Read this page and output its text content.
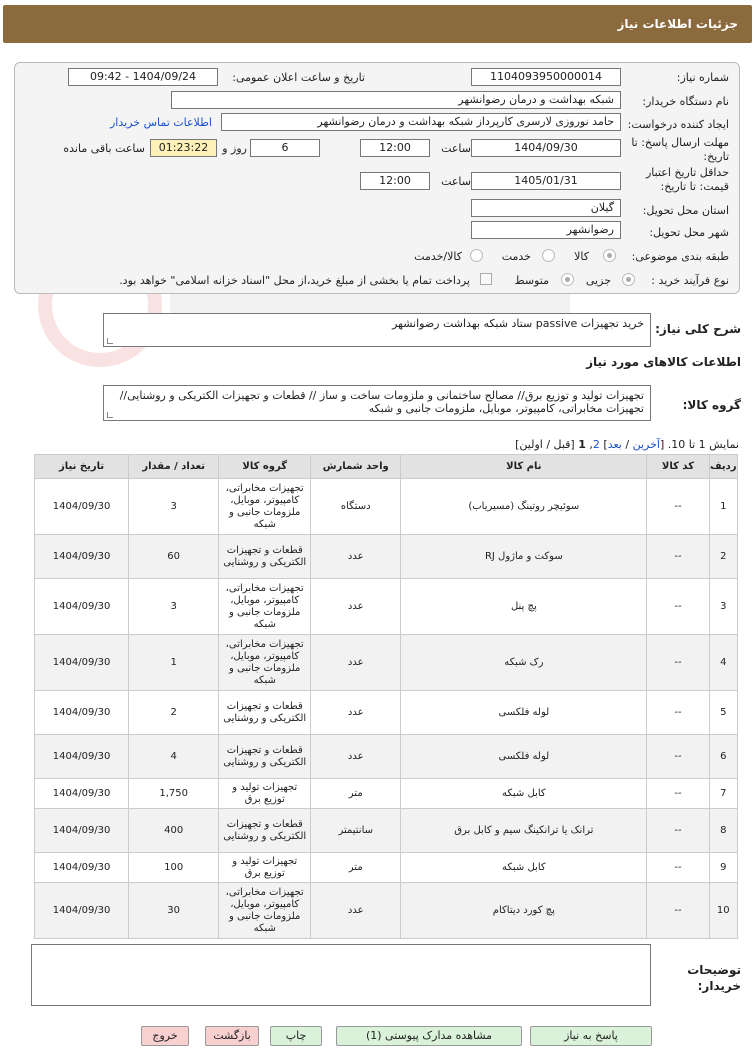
جزئیات اطلاعات نیاز
شماره نیاز:
1104093950000014
تاریخ و ساعت اعلان عمومی:
1404/09/24 - 09:42
نام دستگاه خریدار:
شبکه بهداشت و درمان رضوانشهر
ایجاد کننده درخواست:
حامد نوروزی لارسری کارپرداز شبکه بهداشت و درمان رضوانشهر
اطلاعات تماس خریدار
مهلت ارسال پاسخ: تا تاریخ:
1404/09/30
ساعت
12:00
6
روز و
01:23:22
ساعت باقی مانده
حداقل تاریخ اعتبار قیمت: تا تاریخ:
1405/01/31
ساعت
12:00
استان محل تحویل:
گیلان
شهر محل تحویل:
رضوانشهر
طبقه بندی موضوعی:
کالا
خدمت
کالا/خدمت
نوع فرآیند خرید :
جزیی
متوسط
پرداخت تمام یا بخشی از مبلغ خرید،از محل "اسناد خزانه اسلامی" خواهد بود.
شرح کلی نیاز:
خرید تجهیزات passive ستاد شبکه بهداشت رضوانشهر
اطلاعات کالاهای مورد نیاز
گروه کالا:
تجهیزات تولید و توزیع برق// مصالح ساختمانی و ملزومات ساخت و ساز // قطعات و تجهیزات الکتریکی و روشنایی// تجهیزات مخابراتی، کامپیوتر، موبایل، ملزومات جانبی و شبکه
نمایش 1 تا 10. [آخرین / بعد] 2, 1 [قبل / اولین]
ردیف	کد کالا	نام کالا	واحد شمارش	گروه کالا	تعداد / مقدار	تاریخ نیاز
1	--	سوئیچر روتینگ (مسیریاب)	دستگاه	تجهیزات مخابراتی، کامپیوتر، موبایل، ملزومات جانبی و شبکه	3	1404/09/30
2	--	سوکت و ماژول RJ	عدد	قطعات و تجهیزات الکتریکی و روشنایی	60	1404/09/30
3	--	پچ پنل	عدد	تجهیزات مخابراتی، کامپیوتر، موبایل، ملزومات جانبی و شبکه	3	1404/09/30
4	--	رک شبکه	عدد	تجهیزات مخابراتی، کامپیوتر، موبایل، ملزومات جانبی و شبکه	1	1404/09/30
5	--	لوله فلکسی	عدد	قطعات و تجهیزات الکتریکی و روشنایی	2	1404/09/30
6	--	لوله فلکسی	عدد	قطعات و تجهیزات الکتریکی و روشنایی	4	1404/09/30
7	--	کابل شبکه	متر	تجهیزات تولید و توزیع برق	1,750	1404/09/30
8	--	ترانک یا ترانکینگ سیم و کابل برق	سانتیمتر	قطعات و تجهیزات الکتریکی و روشنایی	400	1404/09/30
9	--	کابل شبکه	متر	تجهیزات تولید و توزیع برق	100	1404/09/30
10	--	پچ کورد دیتاکام	عدد	تجهیزات مخابراتی، کامپیوتر، موبایل، ملزومات جانبی و شبکه	30	1404/09/30
توضیحات خریدار:
پاسخ به نیاز
مشاهده مدارک پیوستی (1)
چاپ
بازگشت
خروج
